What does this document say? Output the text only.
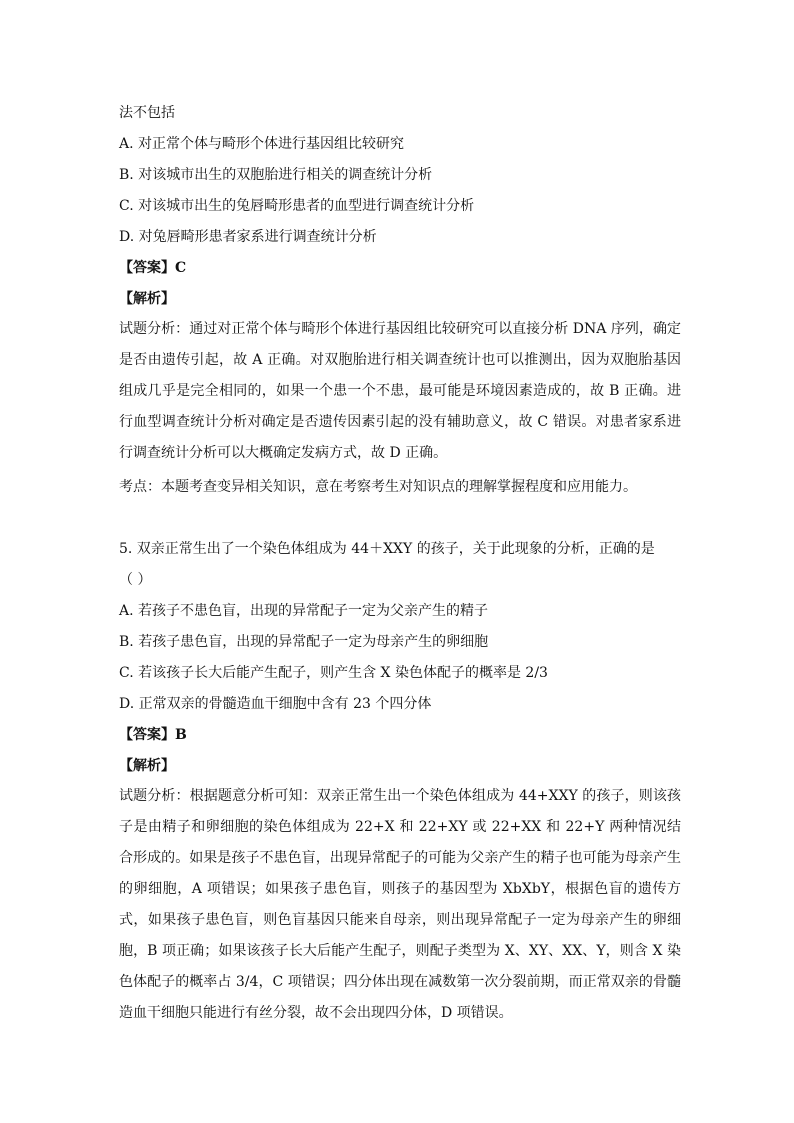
法不包括
A. 对正常个体与畸形个体进行基因组比较研究
B. 对该城市出生的双胞胎进行相关的调查统计分析
C. 对该城市出生的兔唇畸形患者的血型进行调查统计分析
D. 对兔唇畸形患者家系进行调查统计分析
【答案】C
【解析】
试题分析：通过对正常个体与畸形个体进行基因组比较研究可以直接分析 DNA 序列，确定是否由遗传引起，故 A 正确。对双胞胎进行相关调查统计也可以推测出，因为双胞胎基因组成几乎是完全相同的，如果一个患一个不患，最可能是环境因素造成的，故 B 正确。进行血型调查统计分析对确定是否遗传因素引起的没有辅助意义，故 C 错误。对患者家系进行调查统计分析可以大概确定发病方式，故 D 正确。
考点：本题考查变异相关知识，意在考察考生对知识点的理解掌握程度和应用能力。
5. 双亲正常生出了一个染色体组成为 44＋XXY 的孩子，关于此现象的分析，正确的是
（ ）
A. 若孩子不患色盲，出现的异常配子一定为父亲产生的精子
B. 若孩子患色盲，出现的异常配子一定为母亲产生的卵细胞
C. 若该孩子长大后能产生配子，则产生含 X 染色体配子的概率是 2/3
D. 正常双亲的骨髓造血干细胞中含有 23 个四分体
【答案】B
【解析】
试题分析：根据题意分析可知：双亲正常生出一个染色体组成为 44+XXY 的孩子，则该孩子是由精子和卵细胞的染色体组成为 22+X 和 22+XY 或 22+XX 和 22+Y 两种情况结合形成的。如果是孩子不患色盲，出现异常配子的可能为父亲产生的精子也可能为母亲产生的卵细胞，A 项错误；如果孩子患色盲，则孩子的基因型为 XbXbY，根据色盲的遗传方式，如果孩子患色盲，则色盲基因只能来自母亲，则出现异常配子一定为母亲产生的卵细胞，B 项正确；如果该孩子长大后能产生配子，则配子类型为 X、XY、XX、Y，则含 X 染色体配子的概率占 3/4，C 项错误；四分体出现在减数第一次分裂前期，而正常双亲的骨髓造血干细胞只能进行有丝分裂，故不会出现四分体，D 项错误。
